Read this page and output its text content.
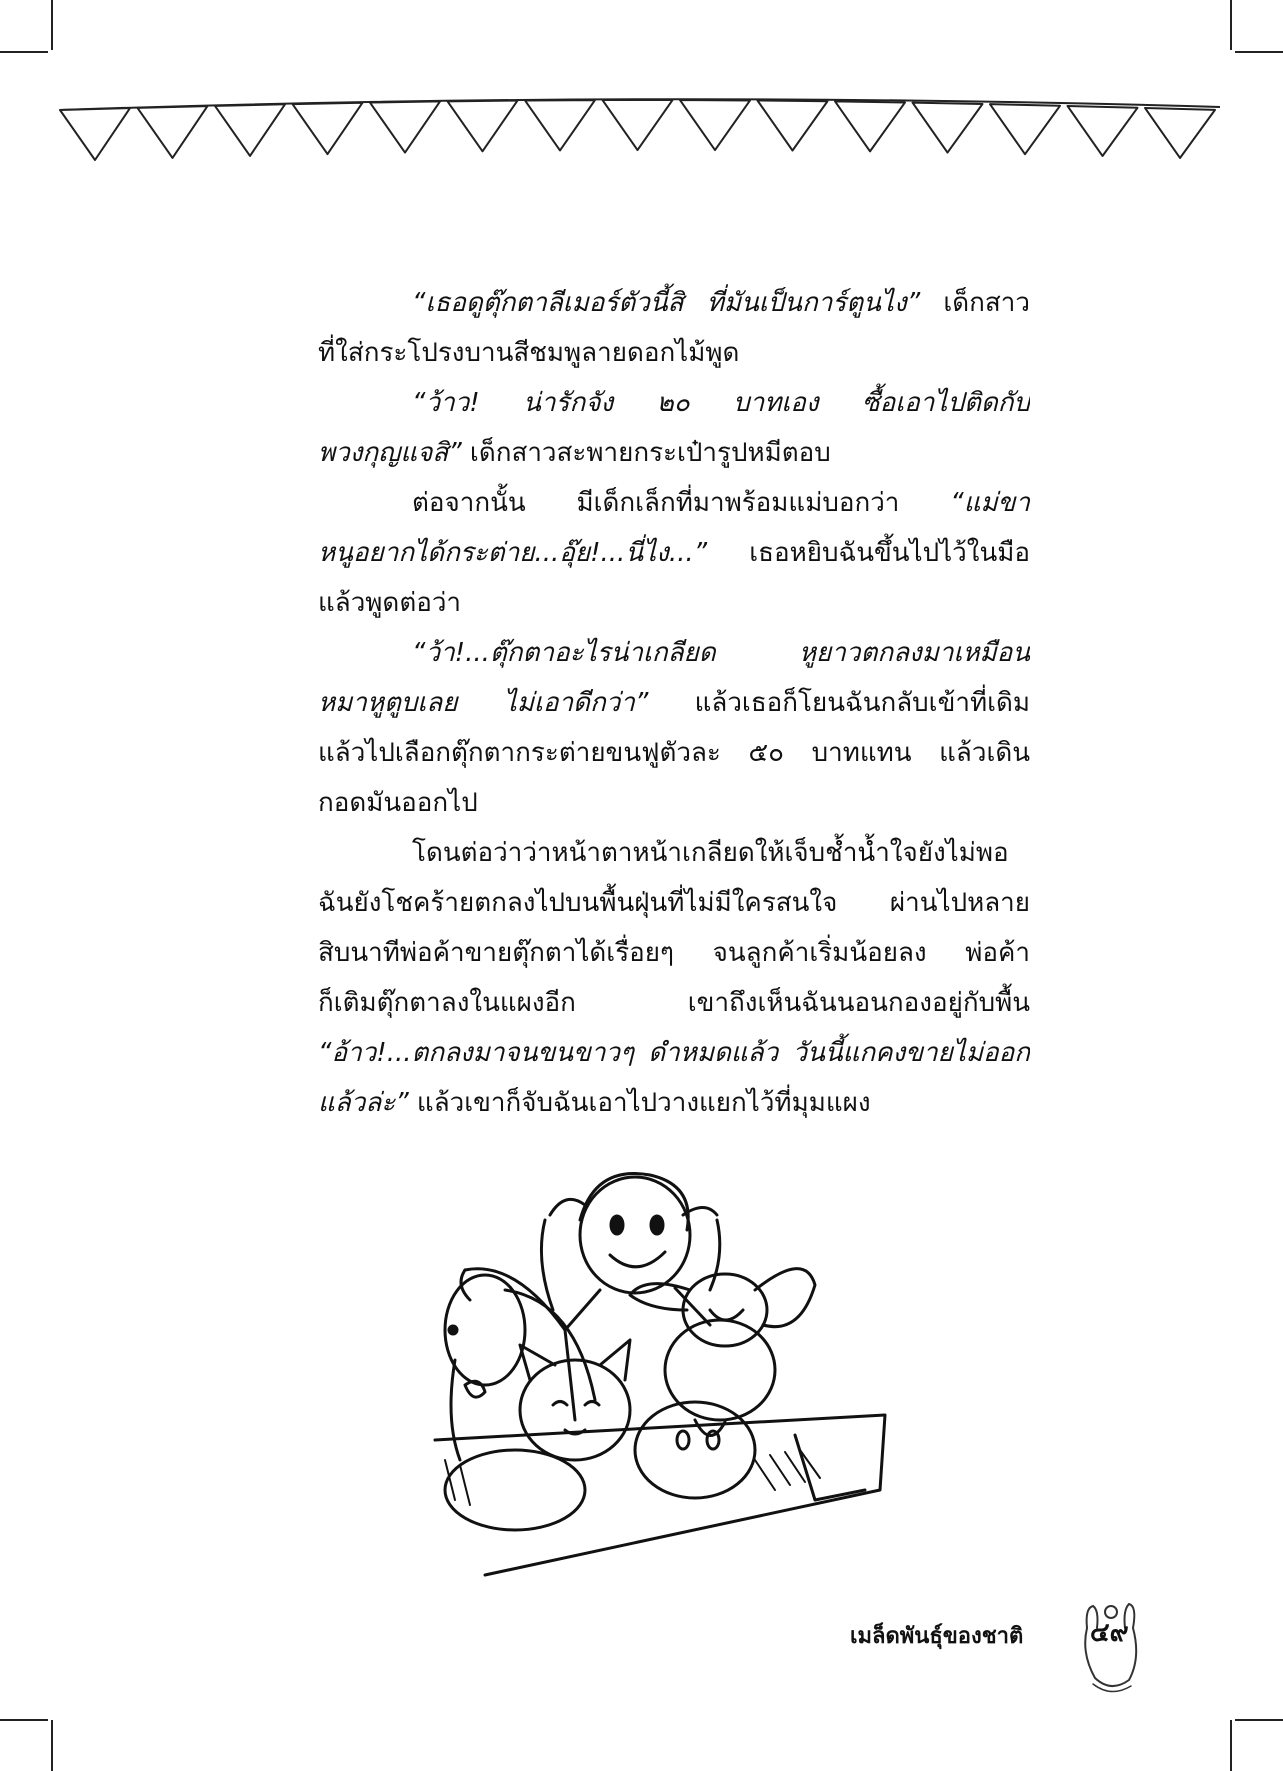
“เธอดูตุ๊กตาลีเมอร์ตัวนี้สิ ที่มันเป็นการ์ตูนไง” เด็กสาว
ที่ใส่กระโปรงบานสีชมพูลายดอกไม้พูด
“ว้าว! น่ารักจัง ๒๐ บาทเอง ซื้อเอาไปติดกับ
พวงกุญแจสิ” เด็กสาวสะพายกระเป๋ารูปหมีตอบ
ต่อจากนั้น มีเด็กเล็กที่มาพร้อมแม่บอกว่า “แม่ขา
หนูอยากได้กระต่าย...อุ๊ย!...นี่ไง...” เธอหยิบฉันขึ้นไปไว้ในมือ
แล้วพูดต่อว่า
“ว้า!...ตุ๊กตาอะไรน่าเกลียด หูยาวตกลงมาเหมือน
หมาหูตูบเลย ไม่เอาดีกว่า” แล้วเธอก็โยนฉันกลับเข้าที่เดิม
แล้วไปเลือกตุ๊กตากระต่ายขนฟูตัวละ ๕๐ บาทแทน แล้วเดิน
กอดมันออกไป
โดนต่อว่าว่าหน้าตาหน้าเกลียดให้เจ็บช้ำน้ำใจยังไม่พอ
ฉันยังโชคร้ายตกลงไปบนพื้นฝุ่นที่ไม่มีใครสนใจ ผ่านไปหลาย
สิบนาทีพ่อค้าขายตุ๊กตาได้เรื่อยๆ จนลูกค้าเริ่มน้อยลง พ่อค้า
ก็เติมตุ๊กตาลงในแผงอีก เขาถึงเห็นฉันนอนกองอยู่กับพื้น
“อ้าว!...ตกลงมาจนขนขาวๆ ดำหมดแล้ว วันนี้แกคงขายไม่ออก
แล้วล่ะ” แล้วเขาก็จับฉันเอาไปวางแยกไว้ที่มุมแผง
เมล็ดพันธุ์ของชาติ	๔๙
